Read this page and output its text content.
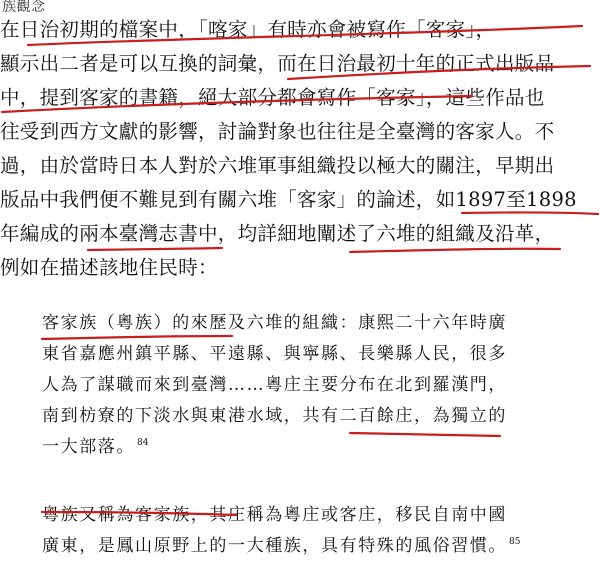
族觀念

在日治初期的檔案中，「喀家」有時亦會被寫作「客家」，

顯示出二者是可以互換的詞彙，而在日治最初十年的正式出版品

中，提到客家的書籍，絕大部分都會寫作「客家」，這些作品也

往受到西方文獻的影響，討論對象也往往是全臺灣的客家人。不

過，由於當時日本人對於六堆軍事組織投以極大的關注，早期出

版品中我們便不難見到有關六堆「客家」的論述，如1897至1898

年編成的兩本臺灣志書中，均詳細地闡述了六堆的組織及沿革，

例如在描述該地住民時：

客家族（粵族）的來歷及六堆的組織：康熙二十六年時廣

東省嘉應州鎮平縣、平遠縣、與寧縣、長樂縣人民，很多

人為了謀職而來到臺灣……粵庄主要分布在北到羅漢門，

南到枋寮的下淡水與東港水域，共有二百餘庄，為獨立的

一大部落。 $^{84}$

粵族又稱為客家族，其庄稱為粵庄或客庄，移民自南中國

廣東，是鳳山原野上的一大種族，具有特殊的風俗習慣。 $^{85}$
